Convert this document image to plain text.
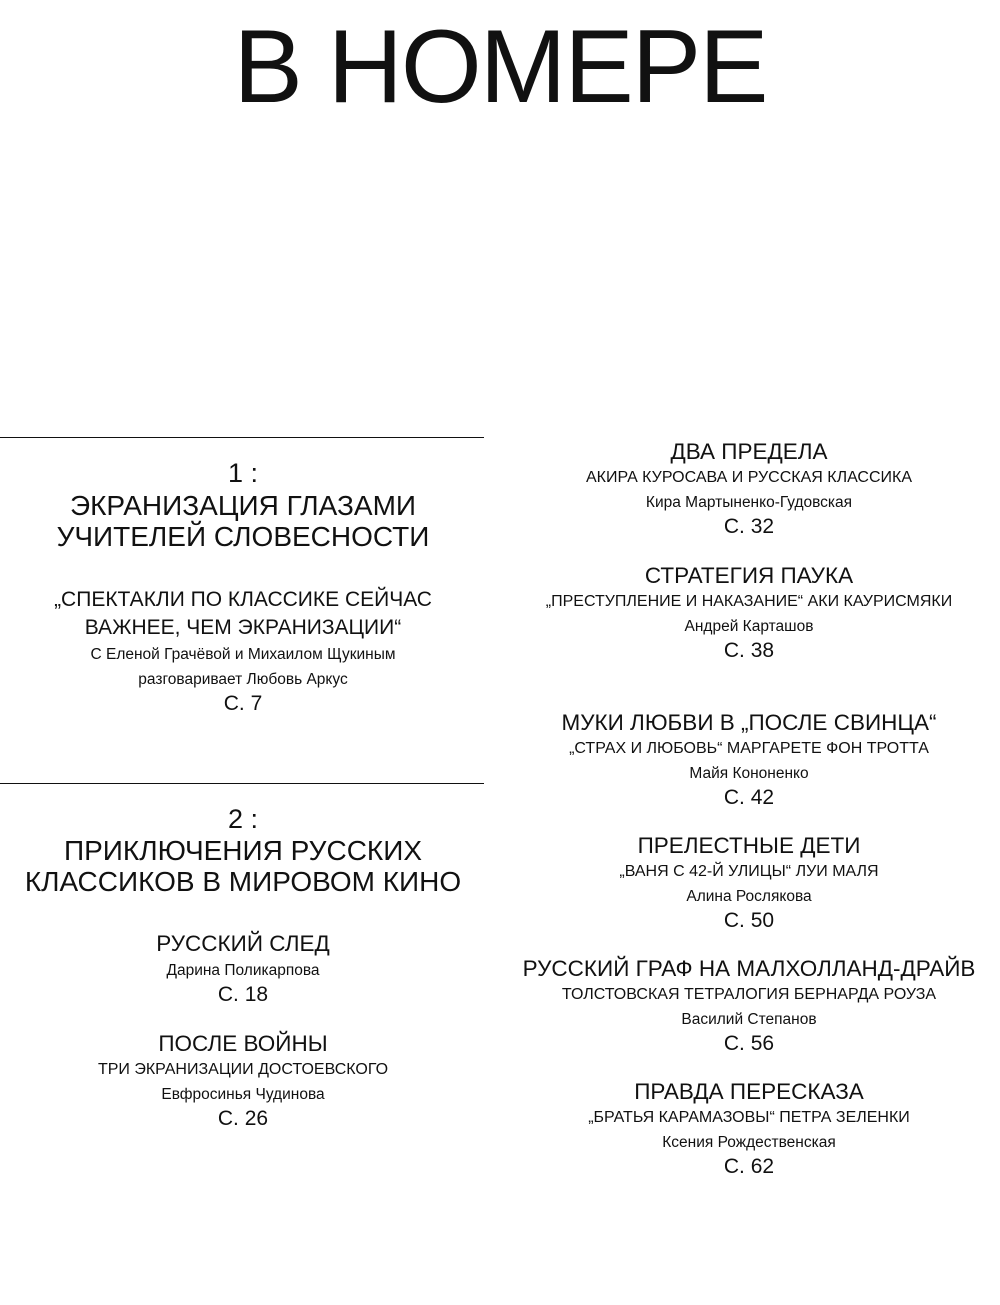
В НОМЕРЕ
1 :
ЭКРАНИЗАЦИЯ ГЛАЗАМИ
УЧИТЕЛЕЙ СЛОВЕСНОСТИ
„СПЕКТАКЛИ ПО КЛАССИКЕ СЕЙЧАС
ВАЖНЕЕ, ЧЕМ ЭКРАНИЗАЦИИ“
С Еленой Грачёвой и Михаилом Щукиным
разговаривает Любовь Аркус
С. 7
2 :
ПРИКЛЮЧЕНИЯ РУССКИХ
КЛАССИКОВ В МИРОВОМ КИНО
РУССКИЙ СЛЕД
Дарина Поликарпова
С. 18
ПОСЛЕ ВОЙНЫ
ТРИ ЭКРАНИЗАЦИИ ДОСТОЕВСКОГО
Евфросинья Чудинова
С. 26
ДВА ПРЕДЕЛА
АКИРА КУРОСАВА И РУССКАЯ КЛАССИКА
Кира Мартыненко-Гудовская
С. 32
СТРАТЕГИЯ ПАУКА
„ПРЕСТУПЛЕНИЕ И НАКАЗАНИЕ“ АКИ КАУРИСМЯКИ
Андрей Карташов
С. 38
МУКИ ЛЮБВИ В „ПОСЛЕ СВИНЦА“
„СТРАХ И ЛЮБОВЬ“ МАРГАРЕТЕ ФОН ТРОТТА
Майя Кононенко
С. 42
ПРЕЛЕСТНЫЕ ДЕТИ
„ВАНЯ С 42-Й УЛИЦЫ“ ЛУИ МАЛЯ
Алина Рослякова
С. 50
РУССКИЙ ГРАФ НА МАЛХОЛЛАНД-ДРАЙВ
ТОЛСТОВСКАЯ ТЕТРАЛОГИЯ БЕРНАРДА РОУЗА
Василий Степанов
С. 56
ПРАВДА ПЕРЕСКАЗА
„БРАТЬЯ КАРАМАЗОВЫ“ ПЕТРА ЗЕЛЕНКИ
Ксения Рождественская
С. 62
